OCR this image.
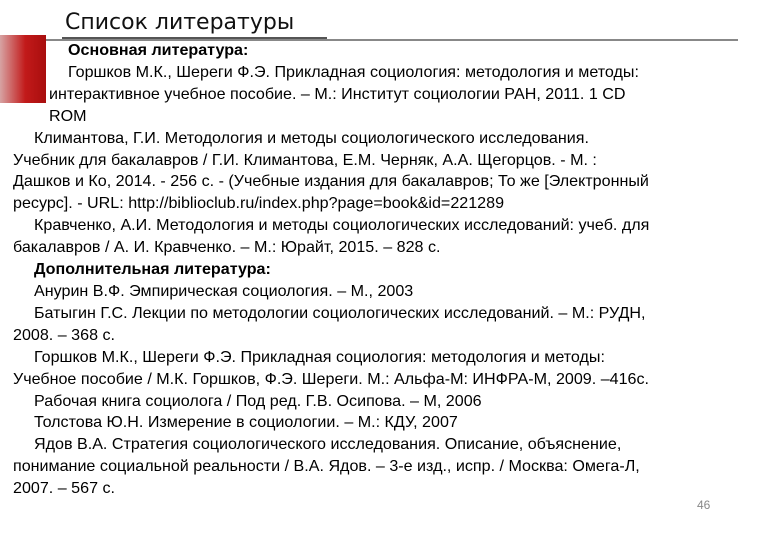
Список литературы
Основная литература:
Горшков М.К., Шереги Ф.Э. Прикладная социология: методология и методы:
интерактивное учебное пособие. – М.: Институт социологии РАН, 2011. 1 CD
ROM
Климантова, Г.И. Методология и методы социологического исследования.
Учебник для бакалавров / Г.И. Климантова, Е.М. Черняк, А.А. Щегорцов. - М. :
Дашков и Ко, 2014. - 256 с. - (Учебные издания для бакалавров; То же [Электронный
ресурс]. - URL: http://biblioclub.ru/index.php?page=book&id=221289
Кравченко, А.И. Методология и методы социологических исследований: учеб. для
бакалавров / А. И. Кравченко. – М.: Юрайт, 2015. – 828 с.
Дополнительная литература:
Анурин В.Ф. Эмпирическая социология. – М., 2003
Батыгин Г.С. Лекции по методологии социологических исследований. – М.: РУДН,
2008. – 368 с.
Горшков М.К., Шереги Ф.Э. Прикладная социология: методология и методы:
Учебное пособие / М.К. Горшков, Ф.Э. Шереги. М.: Альфа-М: ИНФРА-М, 2009. –416с.
Рабочая книга социолога / Под ред. Г.В. Осипова. – М, 2006
Толстова Ю.Н. Измерение в социологии. – М.: КДУ, 2007
Ядов В.А. Стратегия социологического исследования. Описание, объяснение,
понимание социальной реальности / В.А. Ядов. – 3-е изд., испр. / Москва: Омега-Л,
2007. – 567 с.
46
